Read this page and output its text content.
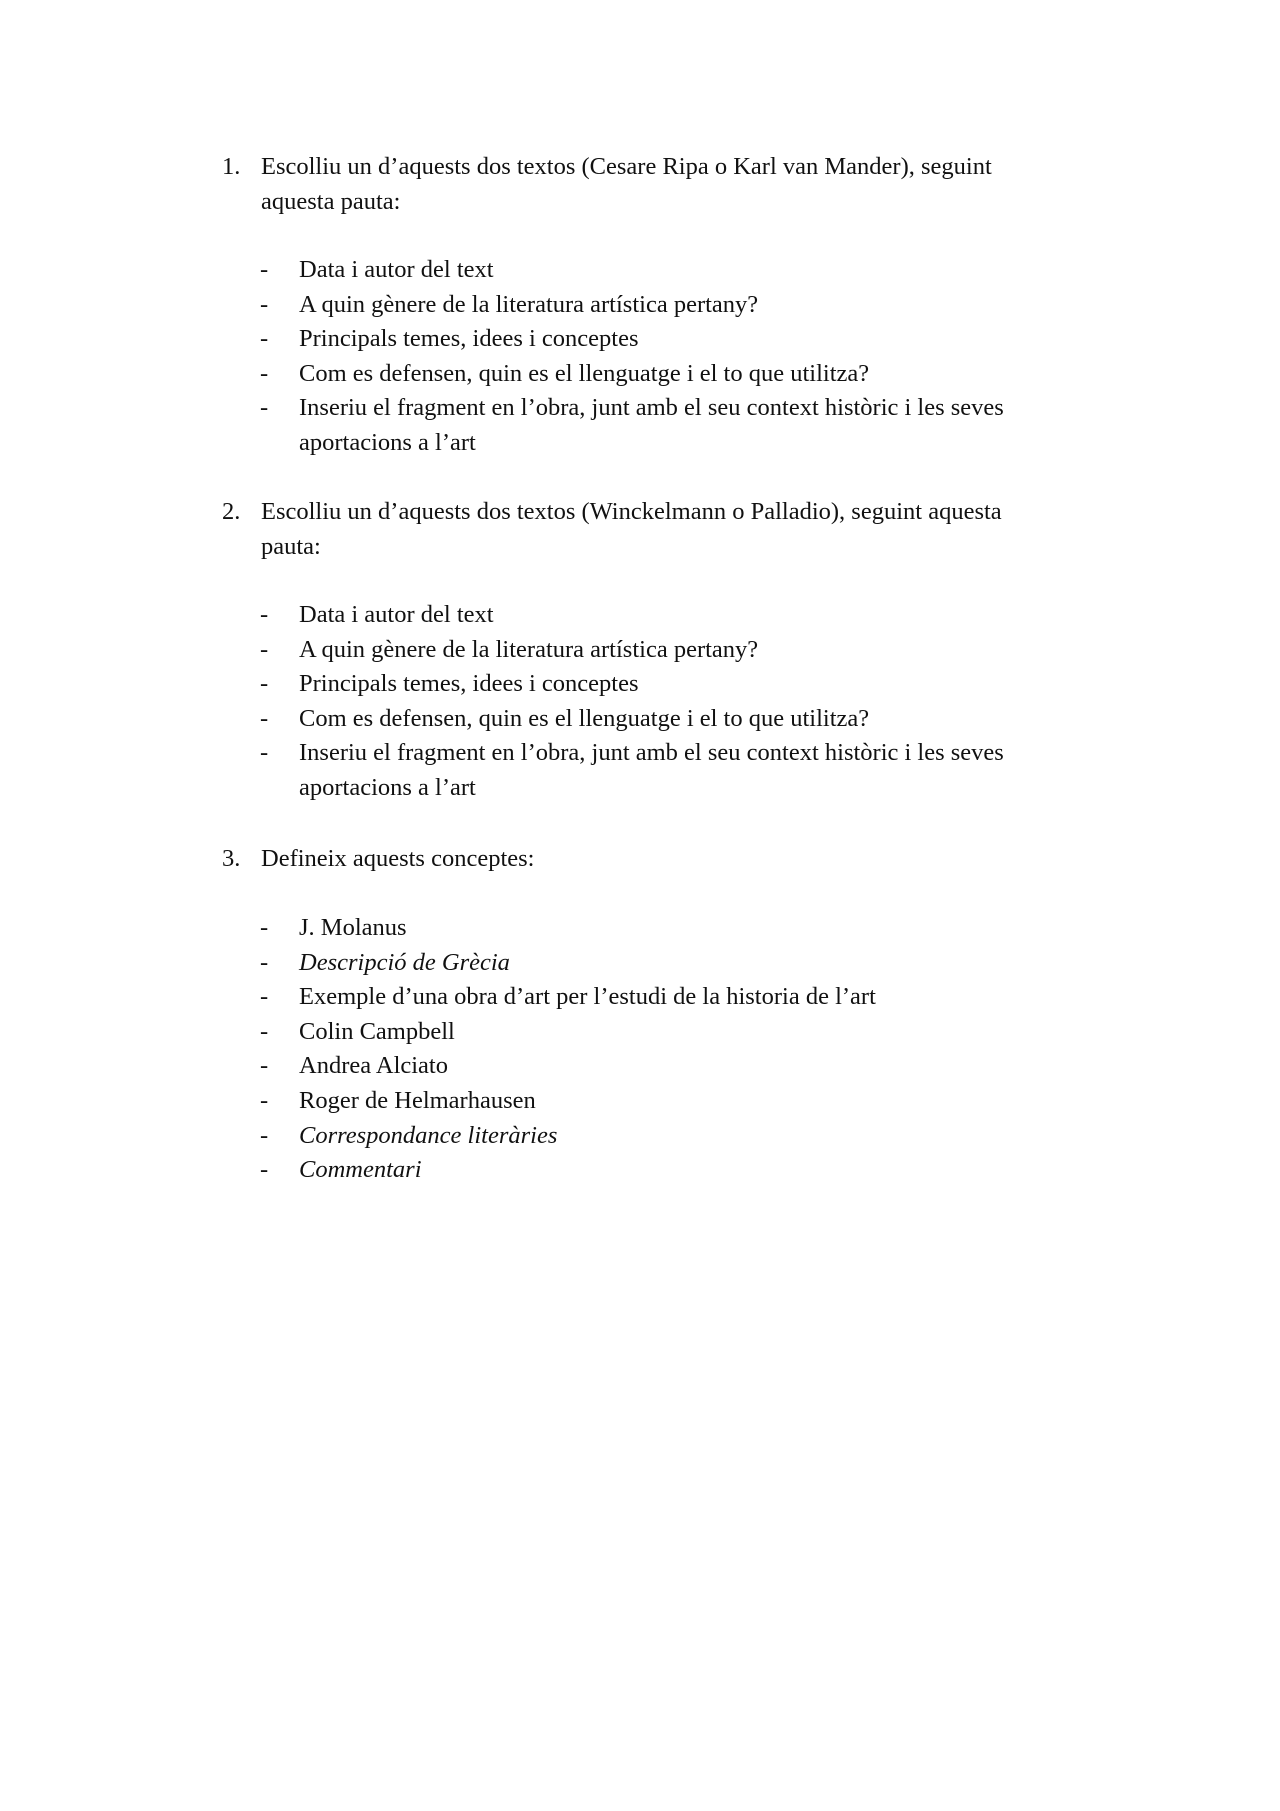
1. Escolliu un d’aquests dos textos (Cesare Ripa o Karl van Mander), seguint aquesta pauta:
- Data i autor del text
- A quin gènere de la literatura artística pertany?
- Principals temes, idees i conceptes
- Com es defensen, quin es el llenguatge i el to que utilitza?
- Inseriu el fragment en l’obra, junt amb el seu context històric i les seves aportacions a l’art
2. Escolliu un d’aquests dos textos (Winckelmann o Palladio), seguint aquesta pauta:
- Data i autor del text
- A quin gènere de la literatura artística pertany?
- Principals temes, idees i conceptes
- Com es defensen, quin es el llenguatge i el to que utilitza?
- Inseriu el fragment en l’obra, junt amb el seu context històric i les seves aportacions a l’art
3. Defineix aquests conceptes:
- J. Molanus
- Descripció de Grècia
- Exemple d’una obra d’art per l’estudi de la historia de l’art
- Colin Campbell
- Andrea Alciato
- Roger de Helmarhausen
- Correspondance literàries
- Commentari
